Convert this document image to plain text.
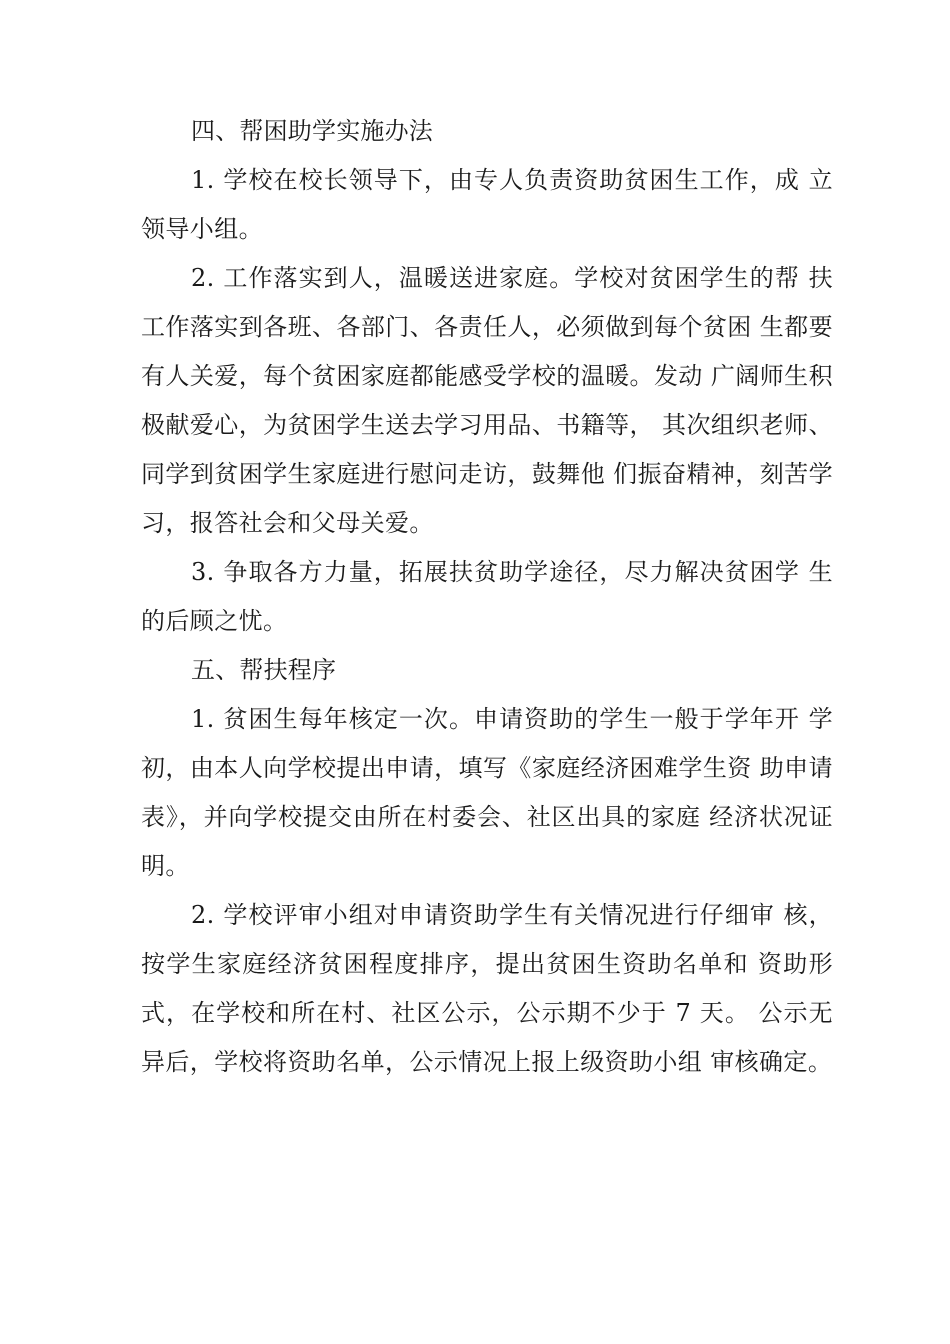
四、帮困助学实施办法

1. 学校在校长领导下，由专人负责资助贫困生工作，成 立领导小组。

2. 工作落实到人，温暖送进家庭。学校对贫困学生的帮 扶工作落实到各班、各部门、各责任人，必须做到每个贫困 生都要有人关爱，每个贫困家庭都能感受学校的温暖。发动 广阔师生积极献爱心，为贫困学生送去学习用品、书籍等， 其次组织老师、同学到贫困学生家庭进行慰问走访，鼓舞他 们振奋精神，刻苦学习，报答社会和父母关爱。

3. 争取各方力量，拓展扶贫助学途径，尽力解决贫困学 生的后顾之忧。

五、帮扶程序

1. 贫困生每年核定一次。申请资助的学生一般于学年开 学初，由本人向学校提出申请，填写《家庭经济困难学生资 助申请表》，并向学校提交由所在村委会、社区出具的家庭 经济状况证明。

2. 学校评审小组对申请资助学生有关情况进行仔细审 核，按学生家庭经济贫困程度排序，提出贫困生资助名单和 资助形式，在学校和所在村、社区公示，公示期不少于 7 天。 公示无异后，学校将资助名单，公示情况上报上级资助小组 审核确定。
